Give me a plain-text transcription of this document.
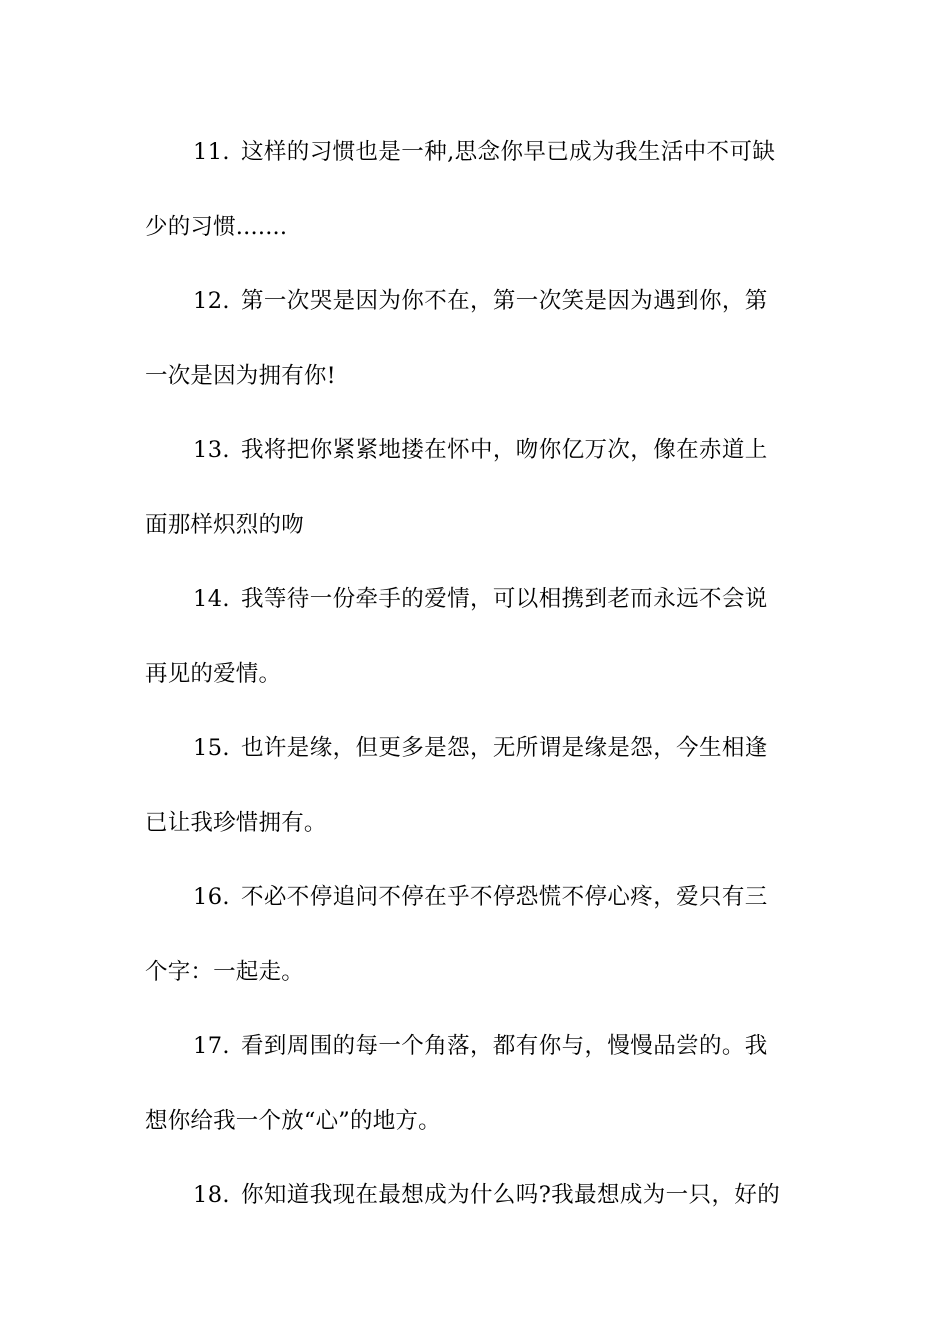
11. 这样的习惯也是一种,思念你早已成为我生活中不可缺
少的习惯.......
12. 第一次哭是因为你不在，第一次笑是因为遇到你，第
一次是因为拥有你!
13. 我将把你紧紧地搂在怀中，吻你亿万次，像在赤道上
面那样炽烈的吻
14. 我等待一份牵手的爱情，可以相携到老而永远不会说
再见的爱情。
15. 也许是缘，但更多是怨，无所谓是缘是怨，今生相逢
已让我珍惜拥有。
16. 不必不停追问不停在乎不停恐慌不停心疼，爱只有三
个字：一起走。
17. 看到周围的每一个角落，都有你与，慢慢品尝的。我
想你给我一个放“心”的地方。
18. 你知道我现在最想成为什么吗?我最想成为一只，好的
